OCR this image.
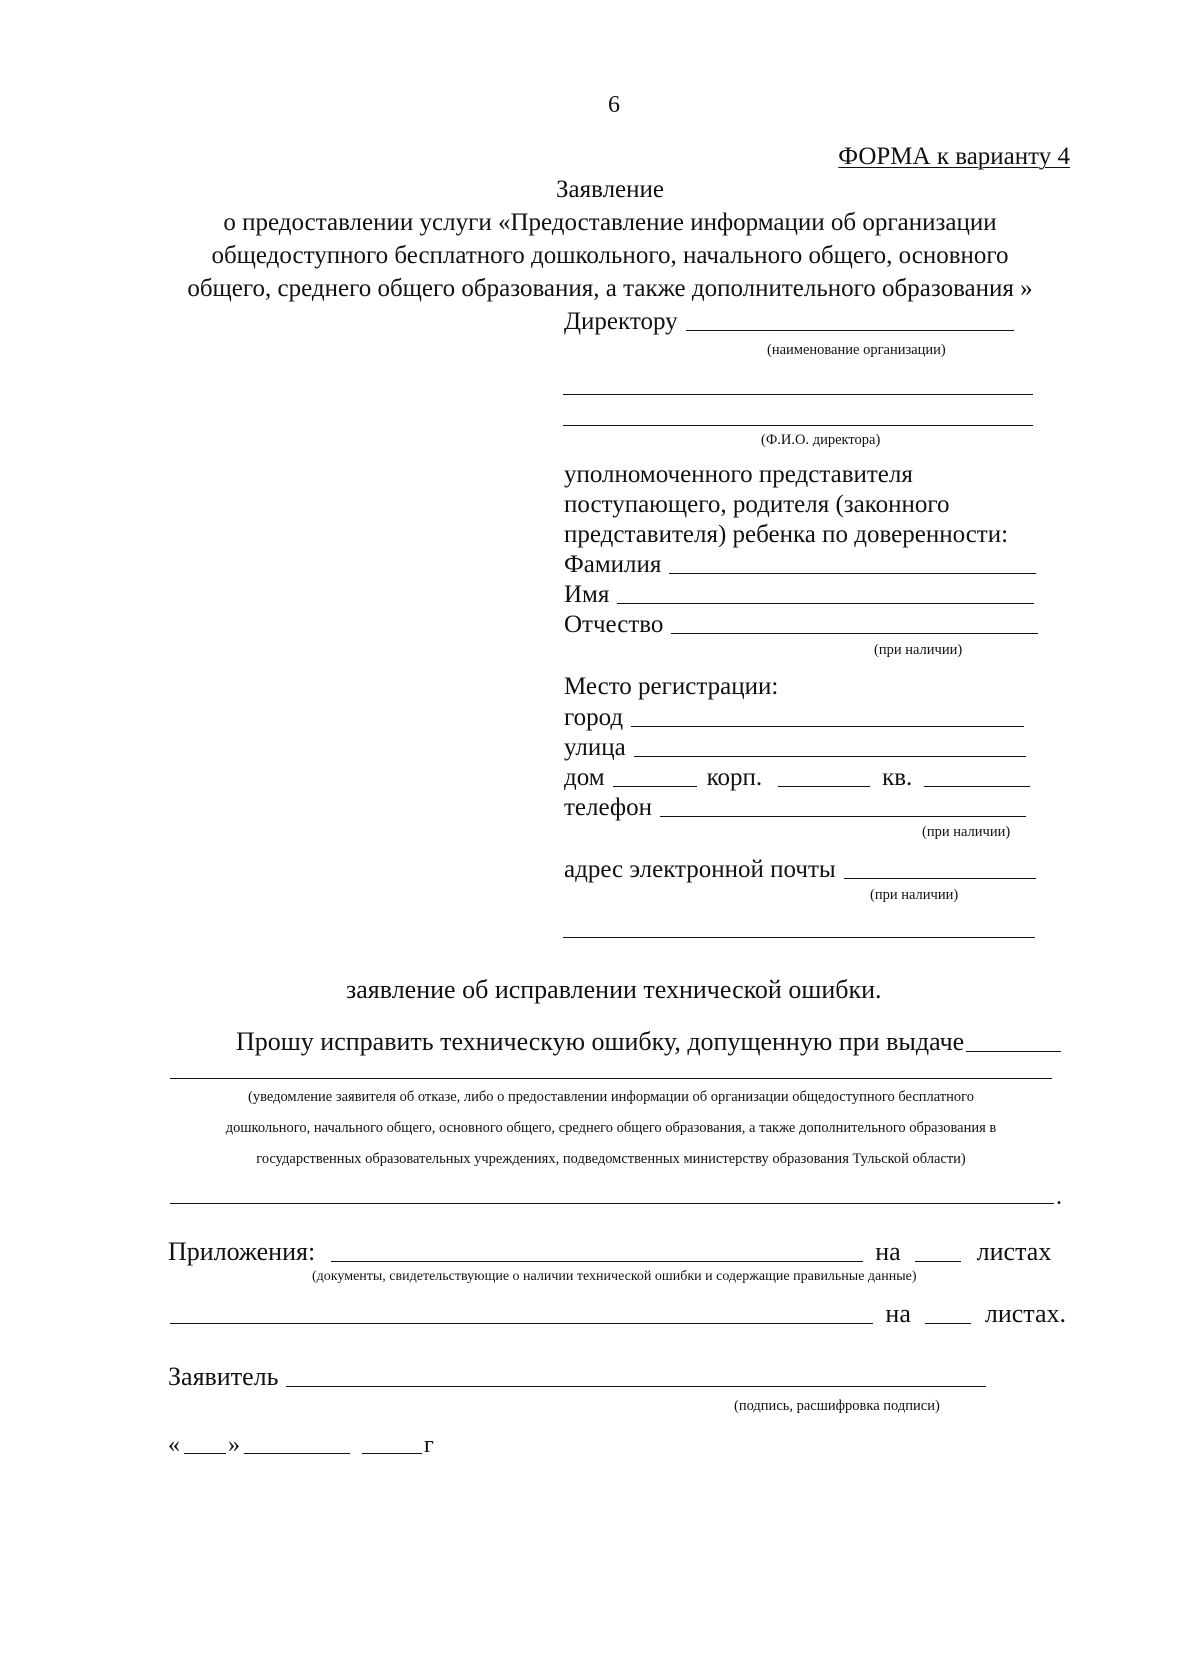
6
ФОРМА к варианту 4
Заявление
о предоставлении услуги «Предоставление информации об организации
общедоступного бесплатного дошкольного, начального общего, основного
общего, среднего общего образования, а также дополнительного образования »
Директору
(наименование организации)
(Ф.И.О. директора)
уполномоченного представителя
поступающего, родителя (законного
представителя) ребенка по доверенности:
Фамилия
Имя
Отчество
(при наличии)
Место регистрации:
город
улица
дом	корп.	кв.
телефон
(при наличии)
адрес электронной почты
(при наличии)
заявление об исправлении технической ошибки.
Прошу исправить техническую ошибку, допущенную при выдаче
(уведомление заявителя об отказе, либо о предоставлении информации об организации общедоступного бесплатного
дошкольного, начального общего, основного общего, среднего общего образования, а также дополнительного образования в
государственных образовательных учреждениях, подведомственных министерству образования Тульской области)
.
Приложения:	на	листах
(документы, свидетельствующие о наличии технической ошибки и содержащие правильные данные)
на	листах.
Заявитель
(подпись, расшифровка подписи)
« »	г
